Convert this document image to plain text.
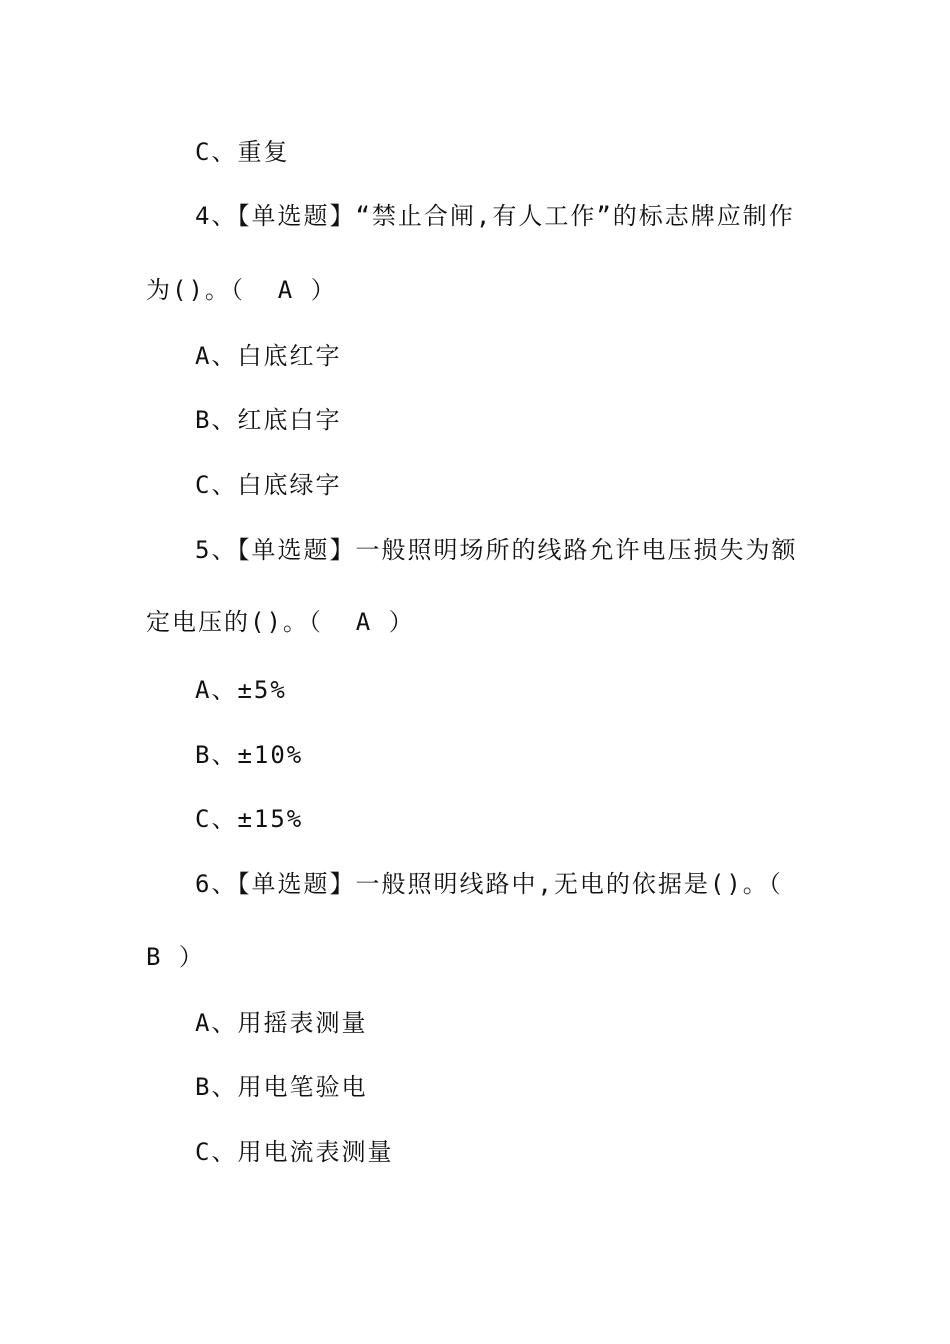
C、重复
4、【单选题】“禁止合闸,有人工作”的标志牌应制作
为()。（  A ）
A、白底红字
B、红底白字
C、白底绿字
5、【单选题】一般照明场所的线路允许电压损失为额
定电压的()。（  A ）
A、±5%
B、±10%
C、±15%
6、【单选题】一般照明线路中,无电的依据是()。（
B ）
A、用摇表测量
B、用电笔验电
C、用电流表测量
